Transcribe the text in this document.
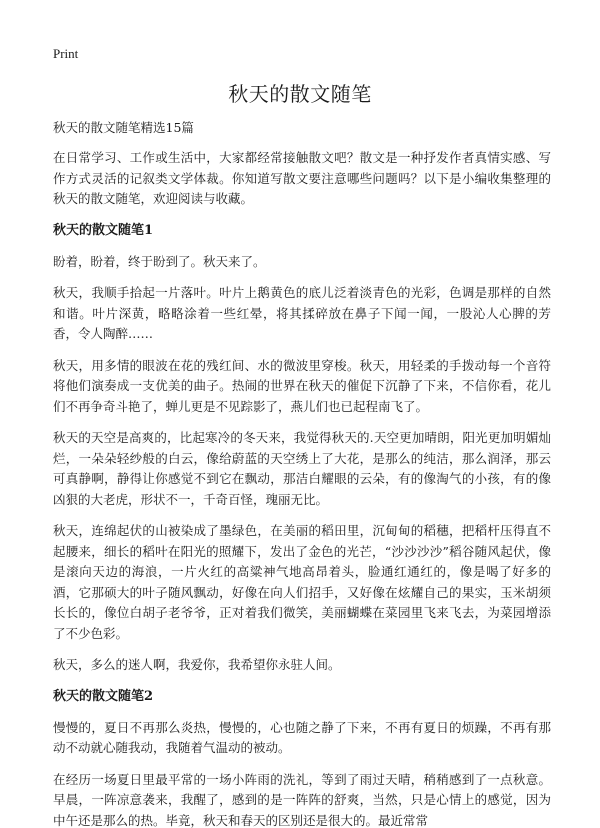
Print
秋天的散文随笔

秋天的散文随笔精选15篇

在日常学习、工作或生活中，大家都经常接触散文吧？散文是一种抒发作者真情实感、写作方式灵活的记叙类文学体裁。你知道写散文要注意哪些问题吗？以下是小编收集整理的秋天的散文随笔，欢迎阅读与收藏。

秋天的散文随笔1

盼着，盼着，终于盼到了。秋天来了。

秋天，我顺手拾起一片落叶。叶片上鹅黄色的底儿泛着淡青色的光彩，色调是那样的自然和谐。叶片深黄，略略涂着一些红晕，将其揉碎放在鼻子下闻一闻，一股沁人心脾的芳香，令人陶醉……

秋天，用多情的眼波在花的残红间、水的微波里穿梭。秋天，用轻柔的手拨动每一个音符将他们演奏成一支优美的曲子。热闹的世界在秋天的催促下沉静了下来，不信你看，花儿们不再争奇斗艳了，蝉儿更是不见踪影了，燕儿们也已起程南飞了。

秋天的天空是高爽的，比起寒冷的冬天来，我觉得秋天的.天空更加晴朗，阳光更加明媚灿烂，一朵朵轻纱般的白云，像给蔚蓝的天空绣上了大花，是那么的纯洁，那么润泽，那云可真静啊，静得让你感觉不到它在飘动，那洁白耀眼的云朵，有的像淘气的小孩，有的像凶狠的大老虎，形状不一，千奇百怪，瑰丽无比。

秋天，连绵起伏的山被染成了墨绿色，在美丽的稻田里，沉甸甸的稻穗，把稻杆压得直不起腰来，细长的稻叶在阳光的照耀下，发出了金色的光芒，“沙沙沙沙”稻谷随风起伏，像是滚向天边的海浪，一片火红的高粱神气地高昂着头，脸通红通红的，像是喝了好多的酒，它那硕大的叶子随风飘动，好像在向人们招手，又好像在炫耀自己的果实，玉米胡须长长的，像位白胡子老爷爷，正对着我们微笑，美丽蝴蝶在菜园里飞来飞去，为菜园增添了不少色彩。

秋天，多么的迷人啊，我爱你，我希望你永驻人间。

秋天的散文随笔2

慢慢的，夏日不再那么炎热，慢慢的，心也随之静了下来，不再有夏日的烦躁，不再有那动不动就心随我动，我随着气温动的被动。

在经历一场夏日里最平常的一场小阵雨的洗礼，等到了雨过天晴，稍稍感到了一点秋意。早晨，一阵凉意袭来，我醒了，感到的是一阵阵的舒爽，当然，只是心情上的感觉，因为中午还是那么的热。毕竟，秋天和春天的区别还是很大的。最近常常
